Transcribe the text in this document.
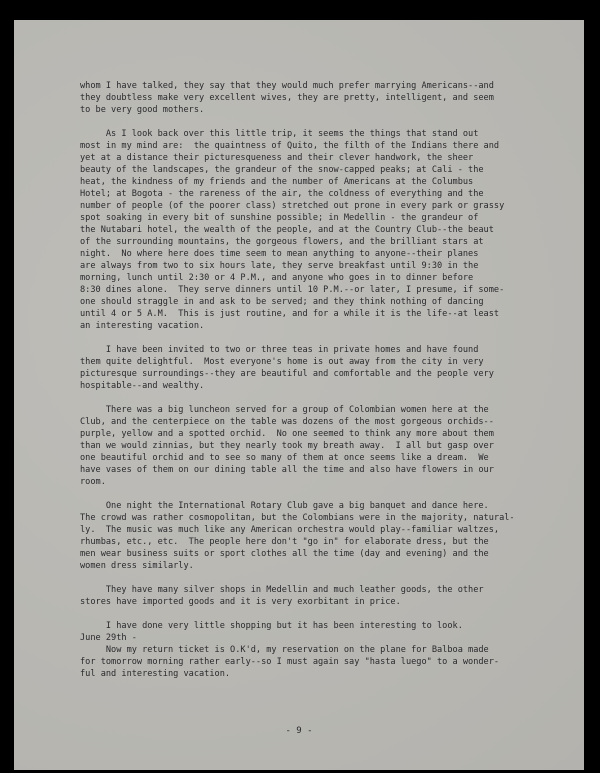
whom I have talked, they say that they would much prefer marrying Americans--and
they doubtless make very excellent wives, they are pretty, intelligent, and seem
to be very good mothers.
As I look back over this little trip, it seems the things that stand out
most in my mind are:  the quaintness of Quito, the filth of the Indians there and
yet at a distance their picturesqueness and their clever handwork, the sheer
beauty of the landscapes, the grandeur of the snow-capped peaks; at Cali - the
heat, the kindness of my friends and the number of Americans at the Columbus
Hotel; at Bogota - the rareness of the air, the coldness of everything and the
number of people (of the poorer class) stretched out prone in every park or grassy
spot soaking in every bit of sunshine possible; in Medellin - the grandeur of
the Nutabari hotel, the wealth of the people, and at the Country Club--the beaut
of the surrounding mountains, the gorgeous flowers, and the brilliant stars at
night.  No where here does time seem to mean anything to anyone--their planes
are always from two to six hours late, they serve breakfast until 9:30 in the
morning, lunch until 2:30 or 4 P.M., and anyone who goes in to dinner before
8:30 dines alone.  They serve dinners until 10 P.M.--or later, I presume, if some-
one should straggle in and ask to be served; and they think nothing of dancing
until 4 or 5 A.M.  This is just routine, and for a while it is the life--at least
an interesting vacation.
I have been invited to two or three teas in private homes and have found
them quite delightful.  Most everyone's home is out away from the city in very
picturesque surroundings--they are beautiful and comfortable and the people very
hospitable--and wealthy.
There was a big luncheon served for a group of Colombian women here at the
Club, and the centerpiece on the table was dozens of the most gorgeous orchids--
purple, yellow and a spotted orchid.  No one seemed to think any more about them
than we would zinnias, but they nearly took my breath away.  I all but gasp over
one beautiful orchid and to see so many of them at once seems like a dream.  We
have vases of them on our dining table all the time and also have flowers in our
room.
One night the International Rotary Club gave a big banquet and dance here.
The crowd was rather cosmopolitan, but the Colombians were in the majority, natural-
ly.  The music was much like any American orchestra would play--familiar waltzes,
rhumbas, etc., etc.  The people here don't "go in" for elaborate dress, but the
men wear business suits or sport clothes all the time (day and evening) and the
women dress similarly.
They have many silver shops in Medellin and much leather goods, the other
stores have imported goods and it is very exorbitant in price.
I have done very little shopping but it has been interesting to look.
June 29th -
Now my return ticket is O.K'd, my reservation on the plane for Balboa made
for tomorrow morning rather early--so I must again say "hasta luego" to a wonder-
ful and interesting vacation.
- 9 -
